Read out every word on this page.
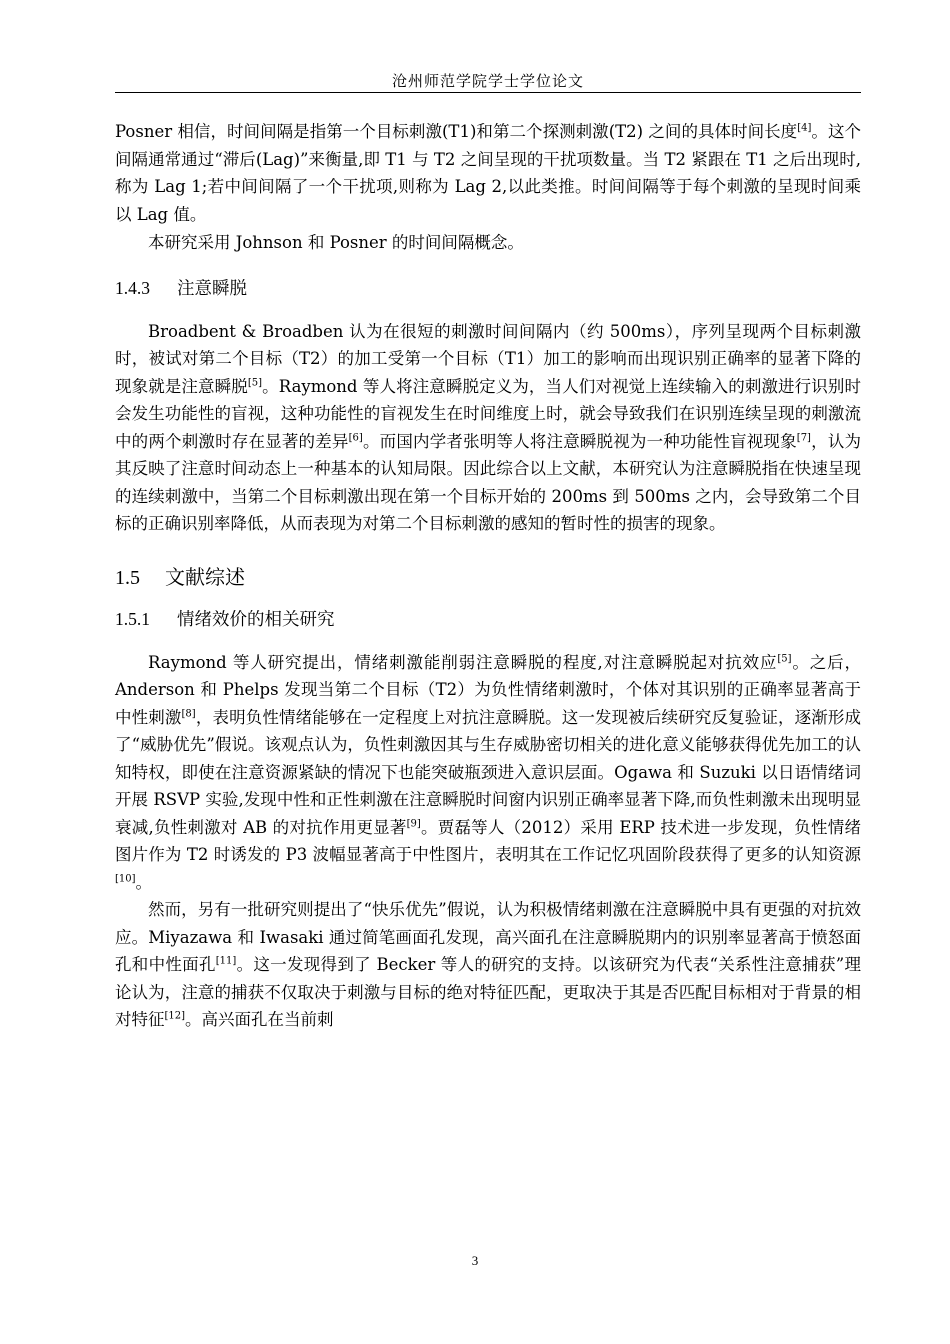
沧州师范学院学士学位论文

Posner 相信，时间间隔是指第一个目标刺激(T1)和第二个探测刺激(T2) 之间的具体时间长度[4]。这个间隔通常通过“滞后(Lag)”来衡量,即 T1 与 T2 之间呈现的干扰项数量。当 T2 紧跟在 T1 之后出现时,称为 Lag 1;若中间间隔了一个干扰项,则称为 Lag 2,以此类推。时间间隔等于每个刺激的呈现时间乘以 Lag 值。

本研究采用 Johnson 和 Posner 的时间间隔概念。

1.4.3 注意瞬脱

Broadbent & Broadben 认为在很短的刺激时间间隔内（约 500ms），序列呈现两个目标刺激时，被试对第二个目标（T2）的加工受第一个目标（T1）加工的影响而出现识别正确率的显著下降的现象就是注意瞬脱[5]。Raymond 等人将注意瞬脱定义为，当人们对视觉上连续输入的刺激进行识别时会发生功能性的盲视，这种功能性的盲视发生在时间维度上时，就会导致我们在识别连续呈现的刺激流中的两个刺激时存在显著的差异[6]。而国内学者张明等人将注意瞬脱视为一种功能性盲视现象[7]，认为其反映了注意时间动态上一种基本的认知局限。因此综合以上文献，本研究认为注意瞬脱指在快速呈现的连续刺激中，当第二个目标刺激出现在第一个目标开始的 200ms 到 500ms 之内，会导致第二个目标的正确识别率降低，从而表现为对第二个目标刺激的感知的暂时性的损害的现象。

1.5 文献综述
1.5.1 情绪效价的相关研究

Raymond 等人研究提出，情绪刺激能削弱注意瞬脱的程度,对注意瞬脱起对抗效应[5]。之后，Anderson 和 Phelps 发现当第二个目标（T2）为负性情绪刺激时，个体对其识别的正确率显著高于中性刺激[8]，表明负性情绪能够在一定程度上对抗注意瞬脱。这一发现被后续研究反复验证，逐渐形成了“威胁优先”假说。该观点认为，负性刺激因其与生存威胁密切相关的进化意义能够获得优先加工的认知特权，即使在注意资源紧缺的情况下也能突破瓶颈进入意识层面。Ogawa 和 Suzuki 以日语情绪词开展 RSVP 实验,发现中性和正性刺激在注意瞬脱时间窗内识别正确率显著下降,而负性刺激未出现明显衰减,负性刺激对 AB 的对抗作用更显著[9]。贾磊等人（2012）采用 ERP 技术进一步发现，负性情绪图片作为 T2 时诱发的 P3 波幅显著高于中性图片，表明其在工作记忆巩固阶段获得了更多的认知资源[10]。

然而，另有一批研究则提出了“快乐优先”假说，认为积极情绪刺激在注意瞬脱中具有更强的对抗效应。Miyazawa 和 Iwasaki 通过简笔画面孔发现，高兴面孔在注意瞬脱期内的识别率显著高于愤怒面孔和中性面孔[11]。这一发现得到了 Becker 等人的研究的支持。以该研究为代表“关系性注意捕获”理论认为，注意的捕获不仅取决于刺激与目标的绝对特征匹配，更取决于其是否匹配目标相对于背景的相对特征[12]。高兴面孔在当前刺

3
